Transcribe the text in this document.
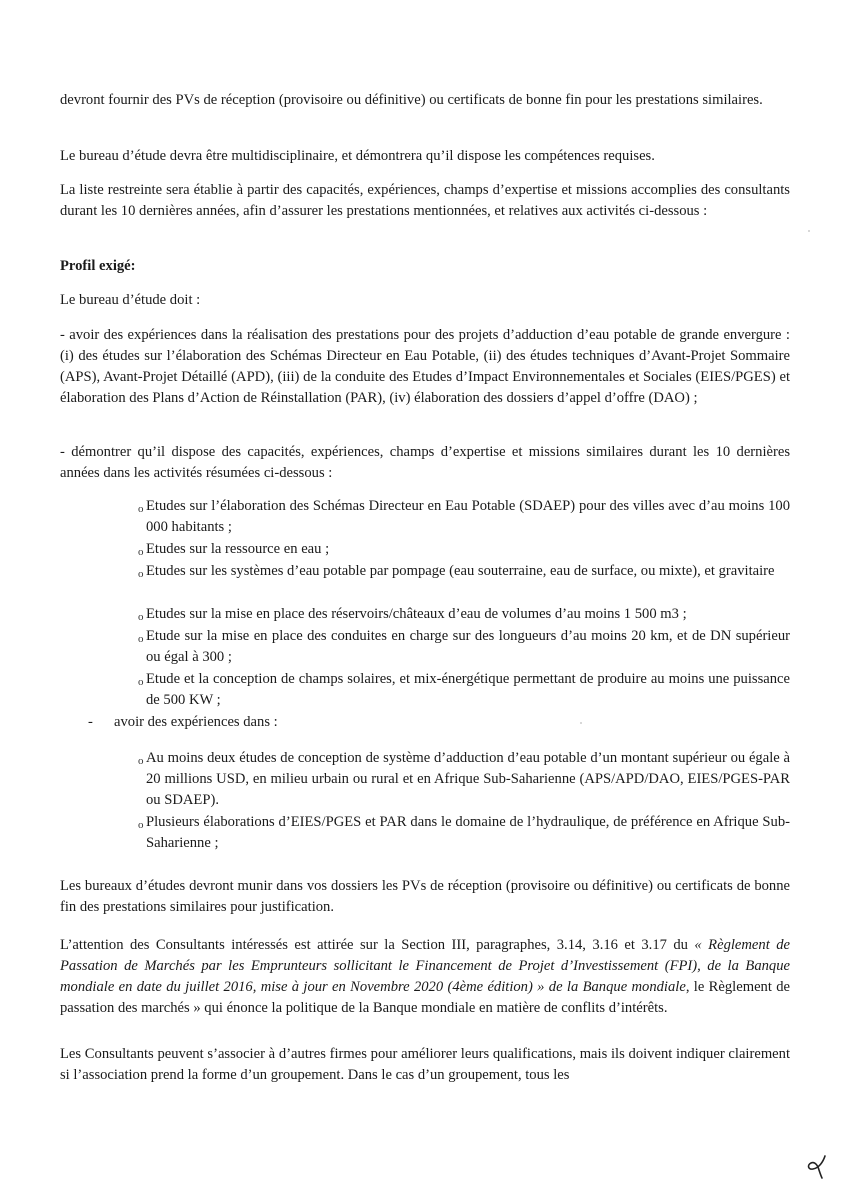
devront fournir des PVs de réception (provisoire ou définitive) ou certificats de bonne fin pour les prestations similaires.

Le bureau d’étude devra être multidisciplinaire, et démontrera qu’il dispose les compétences requises.

La liste restreinte sera établie à partir des capacités, expériences, champs d’expertise et missions accomplies des consultants durant les 10 dernières années, afin d’assurer les prestations mentionnées, et relatives aux activités ci-dessous :

Profil exigé:

Le bureau d’étude doit :

- avoir des expériences dans la réalisation des prestations pour des projets d’adduction d’eau potable de grande envergure : (i) des études sur l’élaboration des Schémas Directeur en Eau Potable, (ii) des études techniques d’Avant-Projet Sommaire (APS), Avant-Projet Détaillé (APD), (iii) de la conduite des Etudes d’Impact Environnementales et Sociales (EIES/PGES) et élaboration des Plans d’Action de Réinstallation (PAR), (iv) élaboration des dossiers d’appel d’offre (DAO) ;

- démontrer qu’il dispose des capacités, expériences, champs d’expertise et missions similaires durant les 10 dernières années dans les activités résumées ci-dessous :

o Etudes sur l’élaboration des Schémas Directeur en Eau Potable (SDAEP) pour des villes avec d’au moins 100 000 habitants ;

o Etudes sur la ressource en eau ;

o Etudes sur les systèmes d’eau potable par pompage (eau souterraine, eau de surface, ou mixte), et gravitaire

o Etudes sur la mise en place des réservoirs/châteaux d’eau de volumes d’au moins 1 500 m3 ;

o Etude sur la mise en place des conduites en charge sur des longueurs d’au moins 20 km, et de DN supérieur ou égal à 300 ;

o Etude et la conception de champs solaires, et mix-énergétique permettant de produire au moins une puissance de 500 KW ;

- avoir des expériences dans :
o Au moins deux études de conception de système d’adduction d’eau potable d’un montant supérieur ou égale à 20 millions USD, en milieu urbain ou rural et en Afrique Sub-Saharienne (APS/APD/DAO, EIES/PGES-PAR ou SDAEP).

o Plusieurs élaborations d’EIES/PGES et PAR dans le domaine de l’hydraulique, de préférence en Afrique Sub-Saharienne ;

Les bureaux d’études devront munir dans vos dossiers les PVs de réception (provisoire ou définitive) ou certificats de bonne fin des prestations similaires pour justification.

L’attention des Consultants intéressés est attirée sur la Section III, paragraphes, 3.14, 3.16 et 3.17 du « Règlement de Passation de Marchés par les Emprunteurs sollicitant le Financement de Projet d’Investissement (FPI), de la Banque mondiale en date du juillet 2016, mise à jour en Novembre 2020 (4ème édition) » de la Banque mondiale, le Règlement de passation des marchés » qui énonce la politique de la Banque mondiale en matière de conflits d’intérêts.

Les Consultants peuvent s’associer à d’autres firmes pour améliorer leurs qualifications, mais ils doivent indiquer clairement si l’association prend la forme d’un groupement. Dans le cas d’un groupement, tous les
